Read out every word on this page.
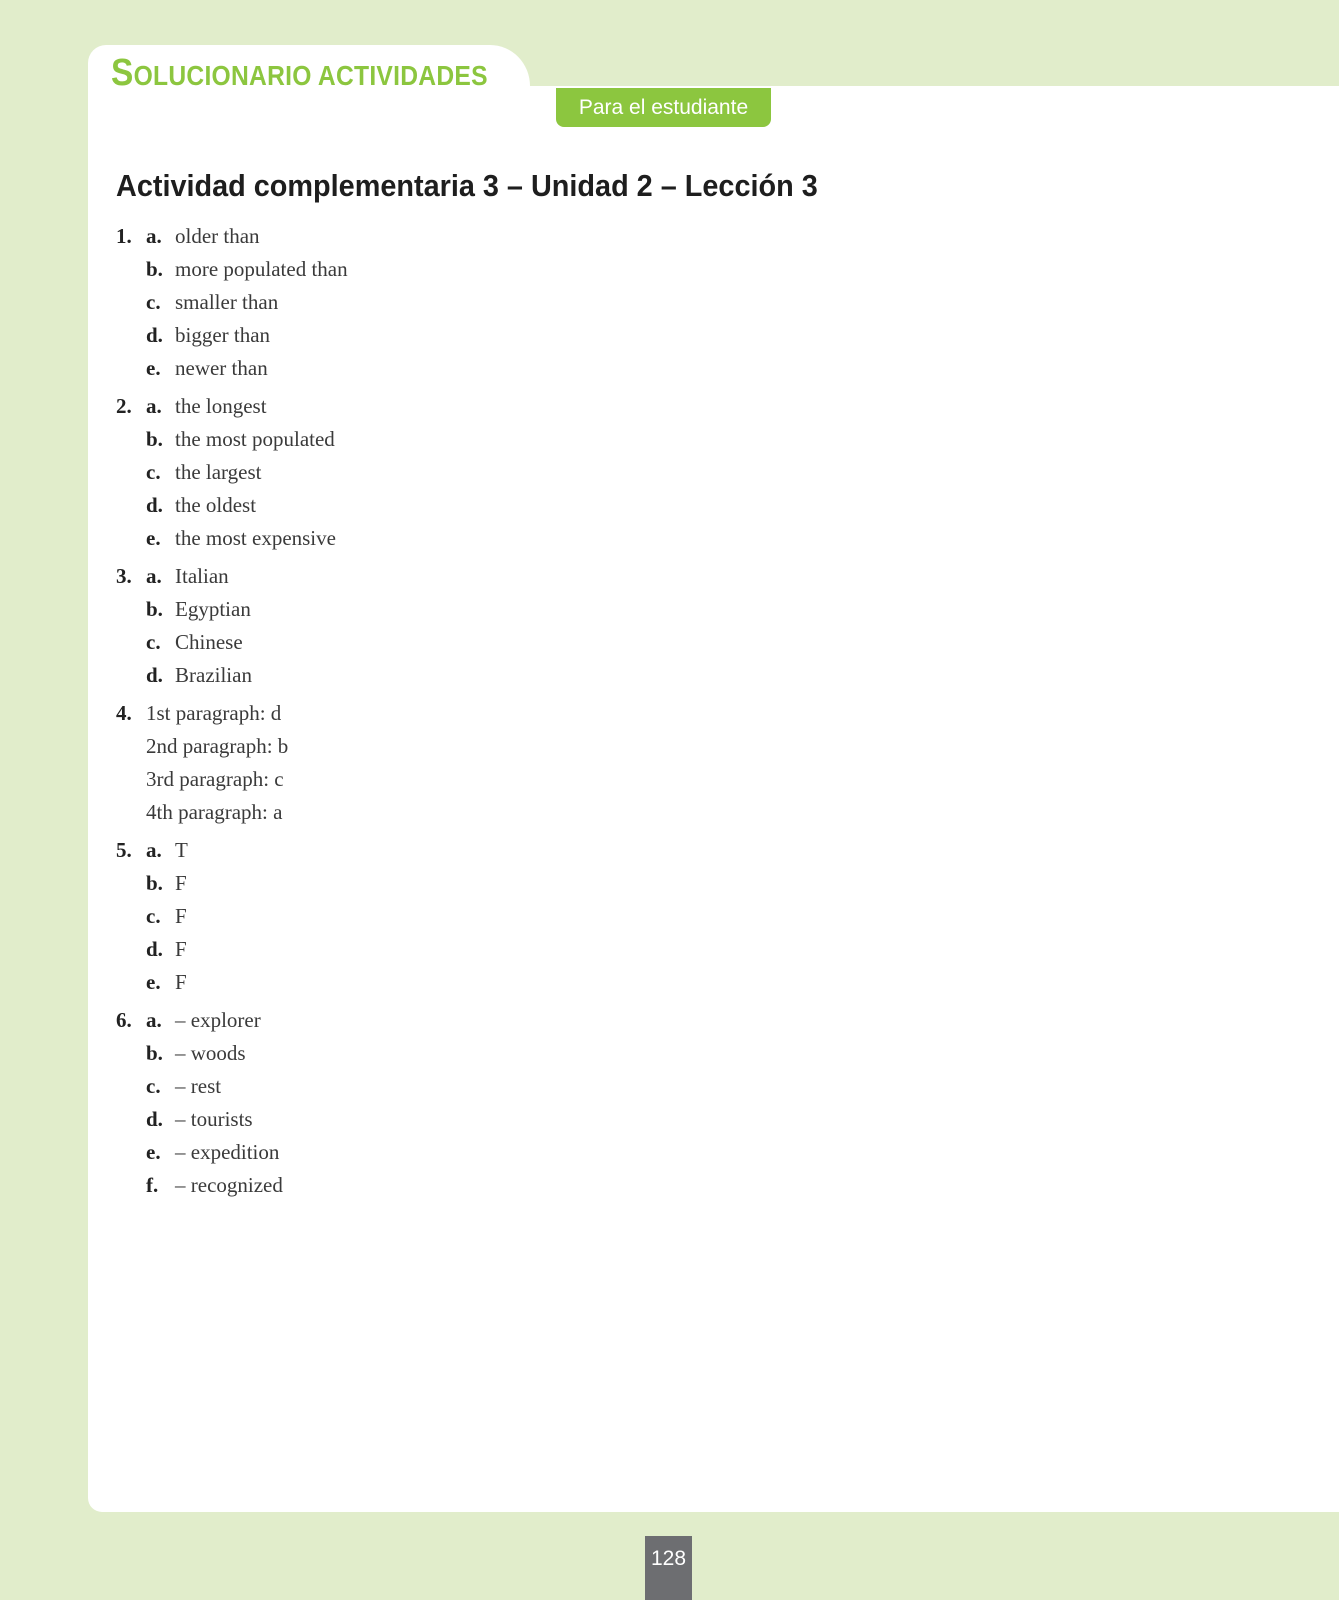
SOLUCIONARIO ACTIVIDADES
Para el estudiante
Actividad complementaria 3 – Unidad 2 – Lección 3
1. a. older than
b. more populated than
c. smaller than
d. bigger than
e. newer than
2. a. the longest
b. the most populated
c. the largest
d. the oldest
e. the most expensive
3. a. Italian
b. Egyptian
c. Chinese
d. Brazilian
4. 1st paragraph: d
2nd paragraph: b
3rd paragraph: c
4th paragraph: a
5. a. T
b. F
c. F
d. F
e. F
6. a. – explorer
b. – woods
c. – rest
d. – tourists
e. – expedition
f. – recognized
128
